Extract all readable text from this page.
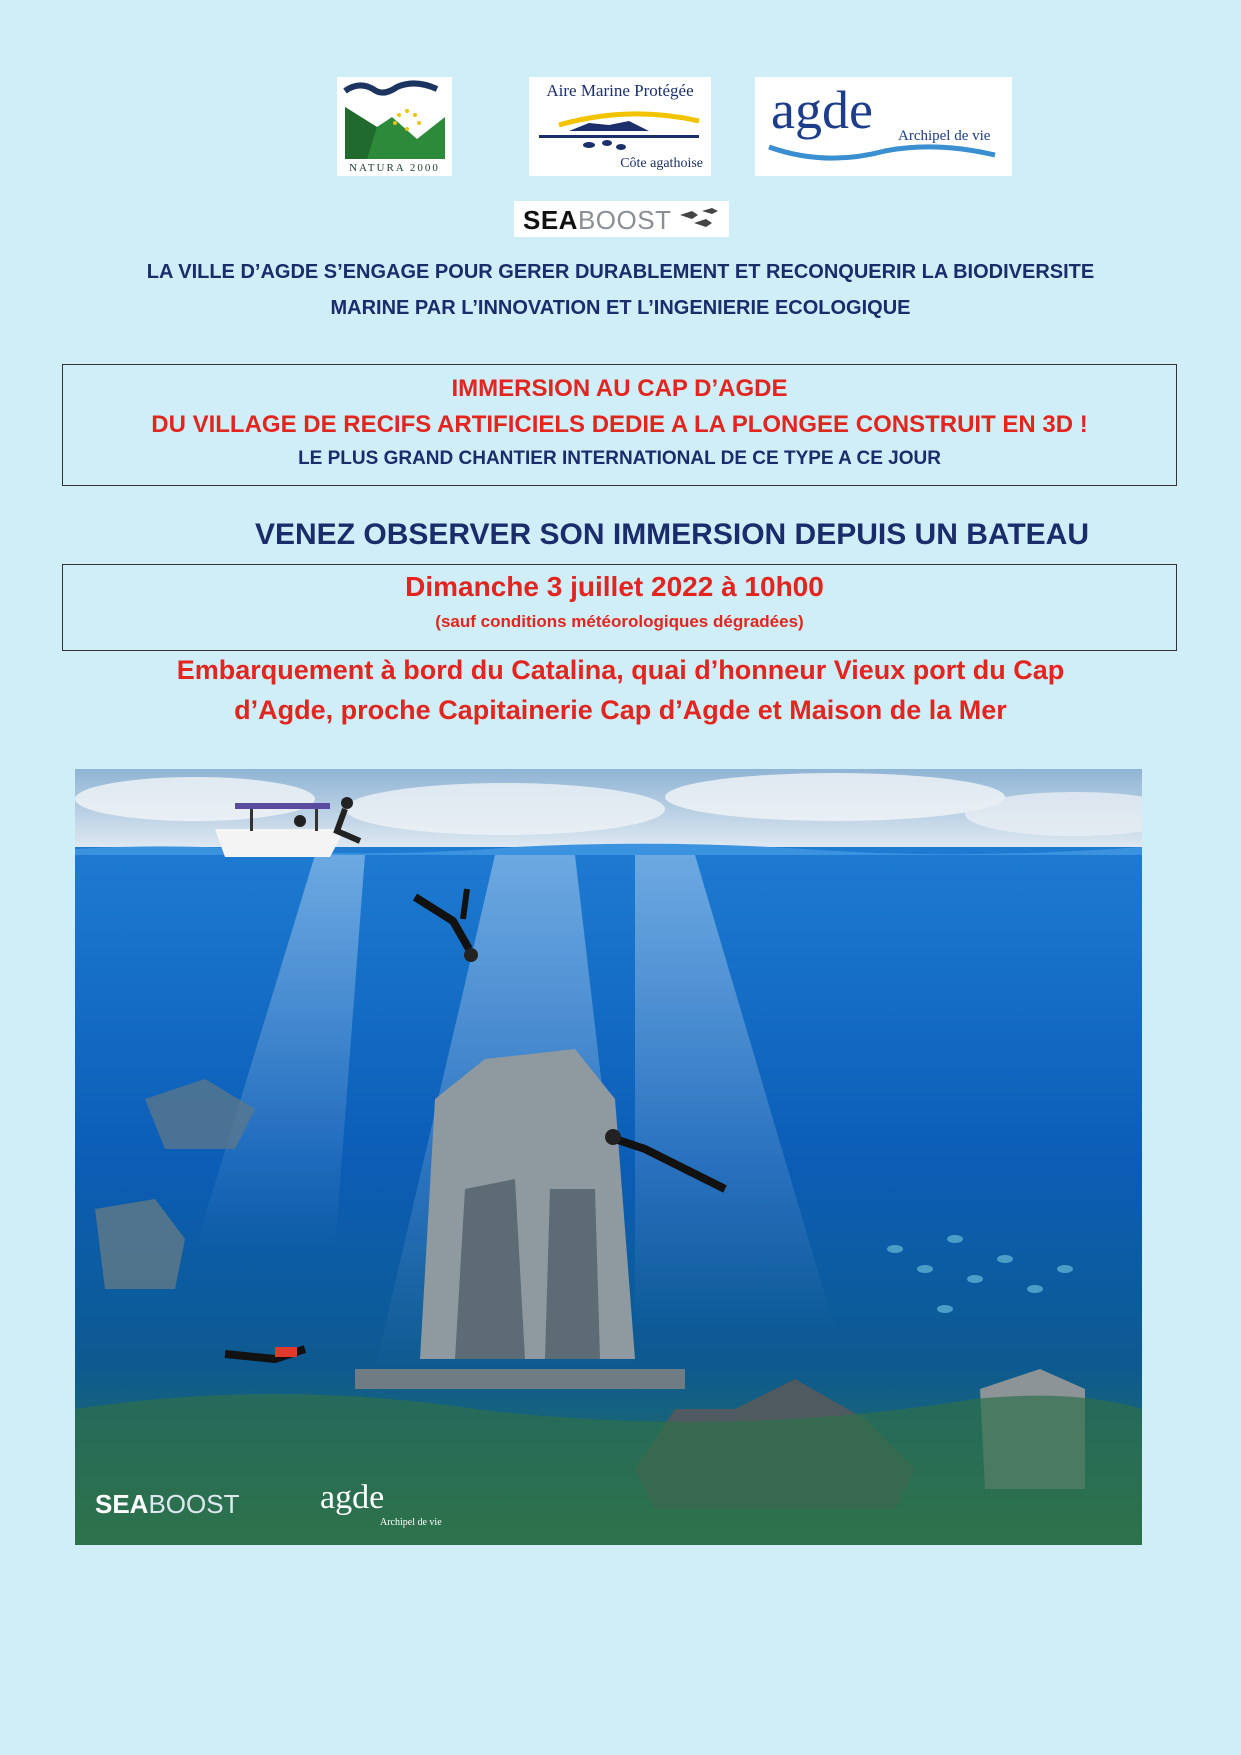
NATURA 2000
Aire Marine Protégée
Côte agathoise
agde Archipel de vie
SEABOOST
LA VILLE D’AGDE S’ENGAGE POUR GERER DURABLEMENT ET RECONQUERIR LA BIODIVERSITE
MARINE PAR L’INNOVATION ET L’INGENIERIE ECOLOGIQUE
IMMERSION AU CAP D’AGDE
DU VILLAGE DE RECIFS ARTIFICIELS DEDIE A LA PLONGEE CONSTRUIT EN 3D !
LE PLUS GRAND CHANTIER INTERNATIONAL DE CE TYPE A CE JOUR
VENEZ OBSERVER SON IMMERSION DEPUIS UN BATEAU
Dimanche 3 juillet 2022 à 10h00
(sauf conditions météorologiques dégradées)
Embarquement à bord du Catalina, quai d’honneur Vieux port du Cap
d’Agde, proche Capitainerie Cap d’Agde et Maison de la Mer
SEABOOST agde
Archipel de vie
